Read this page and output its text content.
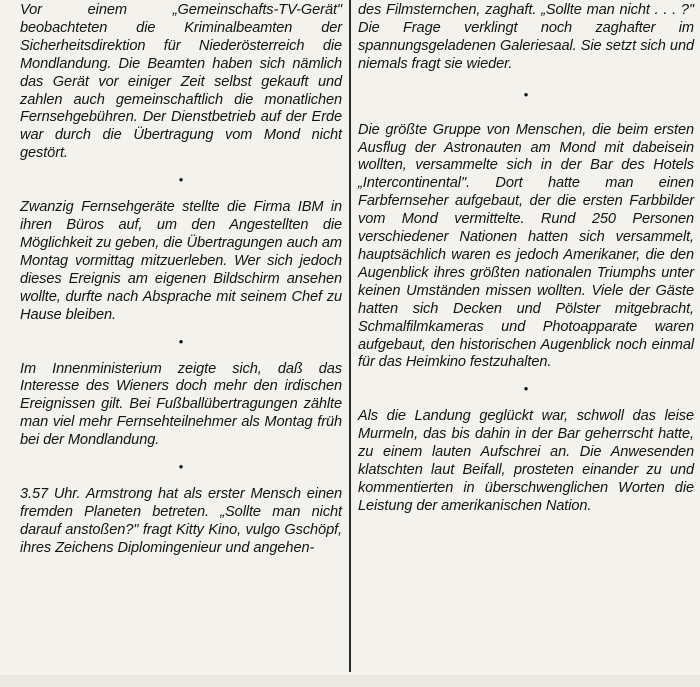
Vor einem „Gemeinschafts-TV-Gerät" beobachteten die Kriminalbeamten der Sicherheitsdirektion für Niederösterreich die Mondlandung. Die Beamten haben sich nämlich das Gerät vor einiger Zeit selbst gekauft und zahlen auch gemeinschaftlich die monatlichen Fernsehgebühren. Der Dienstbetrieb auf der Erde war durch die Übertragung vom Mond nicht gestört.

•

Zwanzig Fernsehgeräte stellte die Firma IBM in ihren Büros auf, um den Angestellten die Möglichkeit zu geben, die Übertragungen auch am Montag vormittag mitzuerleben. Wer sich jedoch dieses Ereignis am eigenen Bildschirm ansehen wollte, durfte nach Absprache mit seinem Chef zu Hause bleiben.

•

Im Innenministerium zeigte sich, daß das Interesse des Wieners doch mehr den irdischen Ereignissen gilt. Bei Fußballübertragungen zählte man viel mehr Fernsehteilnehmer als Montag früh bei der Mondlandung.

•

3.57 Uhr. Armstrong hat als erster Mensch einen fremden Planeten betreten. „Sollte man nicht darauf anstoßen?" fragt Kitty Kino, vulgo Gschöpf, ihres Zeichens Diplomingenieur und angehen-

des Filmsternchen, zaghaft. „Sollte man nicht . . . ?" Die Frage verklingt noch zaghafter im spannungsgeladenen Galeriesaal. Sie setzt sich und niemals fragt sie wieder.

•

Die größte Gruppe von Menschen, die beim ersten Ausflug der Astronauten am Mond mit dabeisein wollten, versammelte sich in der Bar des Hotels „Intercontinental". Dort hatte man einen Farbfernseher aufgebaut, der die ersten Farbbilder vom Mond vermittelte. Rund 250 Personen verschiedener Nationen hatten sich versammelt, hauptsächlich waren es jedoch Amerikaner, die den Augenblick ihres größten nationalen Triumphs unter keinen Umständen missen wollten. Viele der Gäste hatten sich Decken und Pölster mitgebracht, Schmalfilmkameras und Photoapparate waren aufgebaut, den historischen Augenblick noch einmal für das Heimkino festzuhalten.

•

Als die Landung geglückt war, schwoll das leise Murmeln, das bis dahin in der Bar geherrscht hatte, zu einem lauten Aufschrei an. Die Anwesenden klatschten laut Beifall, prosteten einander zu und kommentierten in überschwenglichen Worten die Leistung der amerikanischen Nation.
